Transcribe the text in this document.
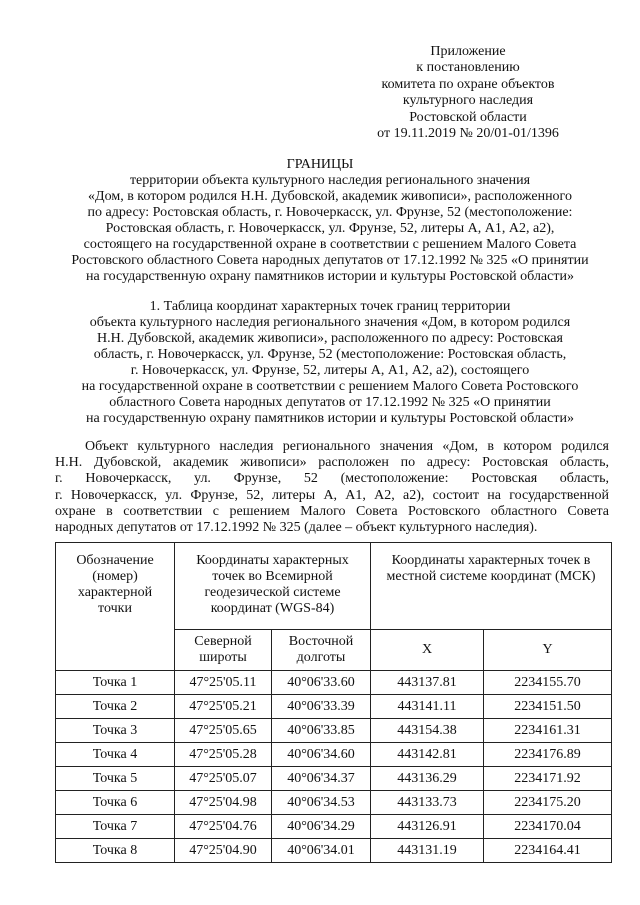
Приложение
к постановлению
комитета по охране объектов
культурного наследия
Ростовской области
от 19.11.2019 № 20/01-01/1396
ГРАНИЦЫ
территории объекта культурного наследия регионального значения
«Дом, в котором родился Н.Н. Дубовской, академик живописи», расположенного
по адресу: Ростовская область, г. Новочеркасск, ул. Фрунзе, 52 (местоположение:
Ростовская область, г. Новочеркасск, ул. Фрунзе, 52, литеры А, А1, А2, а2),
состоящего на государственной охране в соответствии с решением Малого Совета
Ростовского областного Совета народных депутатов от 17.12.1992 № 325 «О принятии
на государственную охрану памятников истории и культуры Ростовской области»
1. Таблица координат характерных точек границ территории
объекта культурного наследия регионального значения «Дом, в котором родился
Н.Н. Дубовской, академик живописи», расположенного по адресу: Ростовская
область, г. Новочеркасск, ул. Фрунзе, 52 (местоположение: Ростовская область,
г. Новочеркасск, ул. Фрунзе, 52, литеры А, А1, А2, а2), состоящего
на государственной охране в соответствии с решением Малого Совета Ростовского
областного Совета народных депутатов от 17.12.1992 № 325 «О принятии
на государственную охрану памятников истории и культуры Ростовской области»
Объект культурного наследия регионального значения «Дом, в котором родился
Н.Н. Дубовской, академик живописи» расположен по адресу: Ростовская область,
г. Новочеркасск, ул. Фрунзе, 52 (местоположение: Ростовская область,
г. Новочеркасск, ул. Фрунзе, 52, литеры А, А1, А2, а2), состоит на государственной
охране в соответствии с решением Малого Совета Ростовского областного Совета
народных депутатов от 17.12.1992 № 325 (далее – объект культурного наследия).
Обозначение (номер) характерной точки	Координаты характерных точек во Всемирной геодезической системе координат (WGS-84)		Координаты характерных точек в местной системе координат (МСК)	
	Северной широты	Восточной долготы	X	Y
Точка 1	47°25'05.11	40°06'33.60	443137.81	2234155.70
Точка 2	47°25'05.21	40°06'33.39	443141.11	2234151.50
Точка 3	47°25'05.65	40°06'33.85	443154.38	2234161.31
Точка 4	47°25'05.28	40°06'34.60	443142.81	2234176.89
Точка 5	47°25'05.07	40°06'34.37	443136.29	2234171.92
Точка 6	47°25'04.98	40°06'34.53	443133.73	2234175.20
Точка 7	47°25'04.76	40°06'34.29	443126.91	2234170.04
Точка 8	47°25'04.90	40°06'34.01	443131.19	2234164.41
